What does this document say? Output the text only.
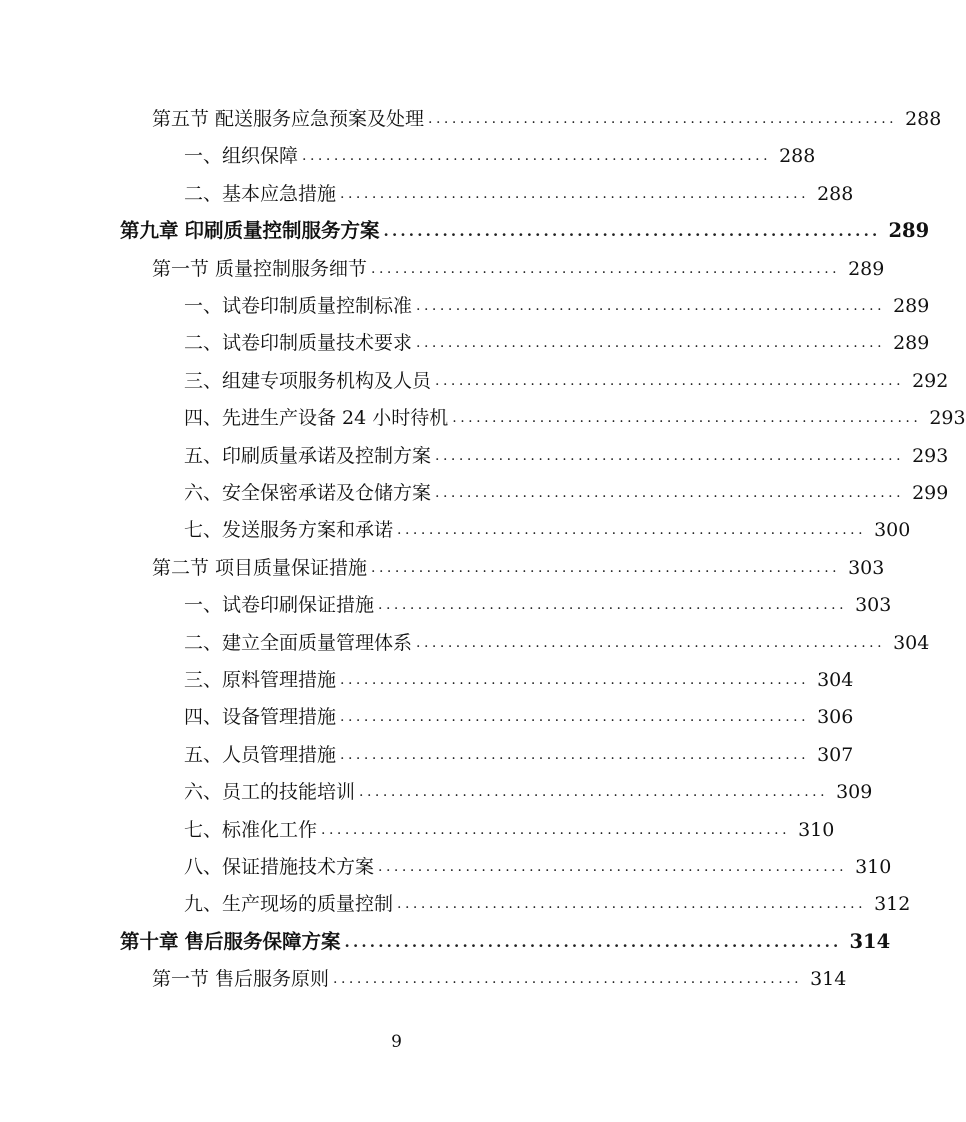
第五节 配送服务应急预案及处理 ........................................................... 288
一、组织保障 ........................................................... 288
二、基本应急措施 ........................................................... 288
第九章 印刷质量控制服务方案 ........................................................... 289
第一节 质量控制服务细节 ........................................................... 289
一、试卷印制质量控制标准 ........................................................... 289
二、试卷印制质量技术要求 ........................................................... 289
三、组建专项服务机构及人员 ........................................................... 292
四、先进生产设备 24 小时待机 ........................................................... 293
五、印刷质量承诺及控制方案 ........................................................... 293
六、安全保密承诺及仓储方案 ........................................................... 299
七、发送服务方案和承诺 ........................................................... 300
第二节 项目质量保证措施 ........................................................... 303
一、试卷印刷保证措施 ........................................................... 303
二、建立全面质量管理体系 ........................................................... 304
三、原料管理措施 ........................................................... 304
四、设备管理措施 ........................................................... 306
五、人员管理措施 ........................................................... 307
六、员工的技能培训 ........................................................... 309
七、标准化工作 ........................................................... 310
八、保证措施技术方案 ........................................................... 310
九、生产现场的质量控制 ........................................................... 312
第十章 售后服务保障方案 ........................................................... 314
第一节 售后服务原则 ........................................................... 314
9
